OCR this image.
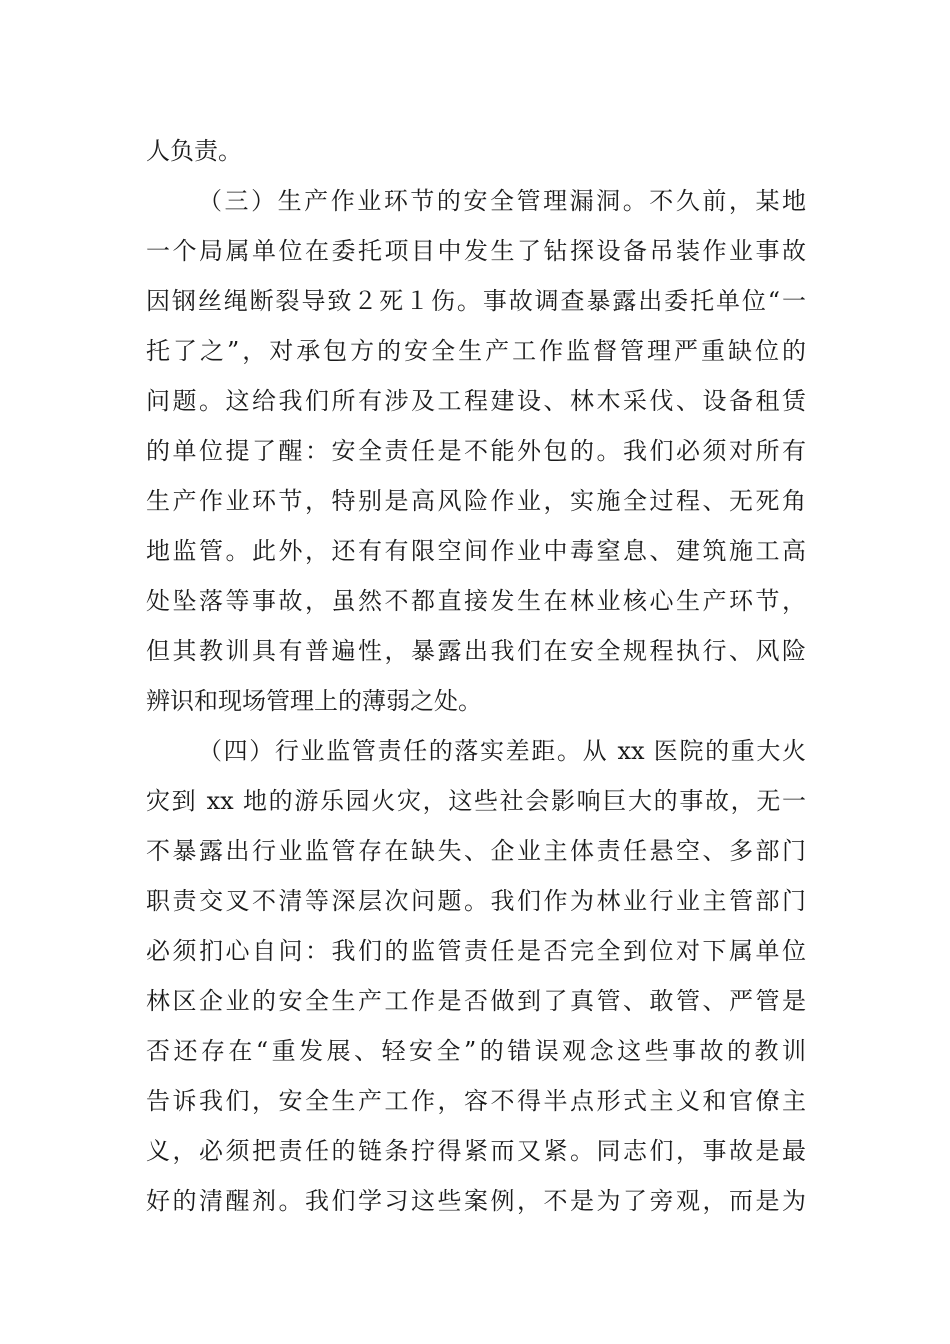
人负责。
（三）生产作业环节的安全管理漏洞。不久前，某地
一个局属单位在委托项目中发生了钻探设备吊装作业事故
因钢丝绳断裂导致２死１伤。事故调查暴露出委托单位“一
托了之”，对承包方的安全生产工作监督管理严重缺位的
问题。这给我们所有涉及工程建设、林木采伐、设备租赁
的单位提了醒：安全责任是不能外包的。我们必须对所有
生产作业环节，特别是高风险作业，实施全过程、无死角
地监管。此外，还有有限空间作业中毒窒息、建筑施工高
处坠落等事故，虽然不都直接发生在林业核心生产环节，
但其教训具有普遍性，暴露出我们在安全规程执行、风险
辨识和现场管理上的薄弱之处。
（四）行业监管责任的落实差距。从 xx 医院的重大火
灾到 xx 地的游乐园火灾，这些社会影响巨大的事故，无一
不暴露出行业监管存在缺失、企业主体责任悬空、多部门
职责交叉不清等深层次问题。我们作为林业行业主管部门
必须扪心自问：我们的监管责任是否完全到位对下属单位
林区企业的安全生产工作是否做到了真管、敢管、严管是
否还存在“重发展、轻安全”的错误观念这些事故的教训
告诉我们，安全生产工作，容不得半点形式主义和官僚主
义，必须把责任的链条拧得紧而又紧。同志们，事故是最
好的清醒剂。我们学习这些案例，不是为了旁观，而是为
